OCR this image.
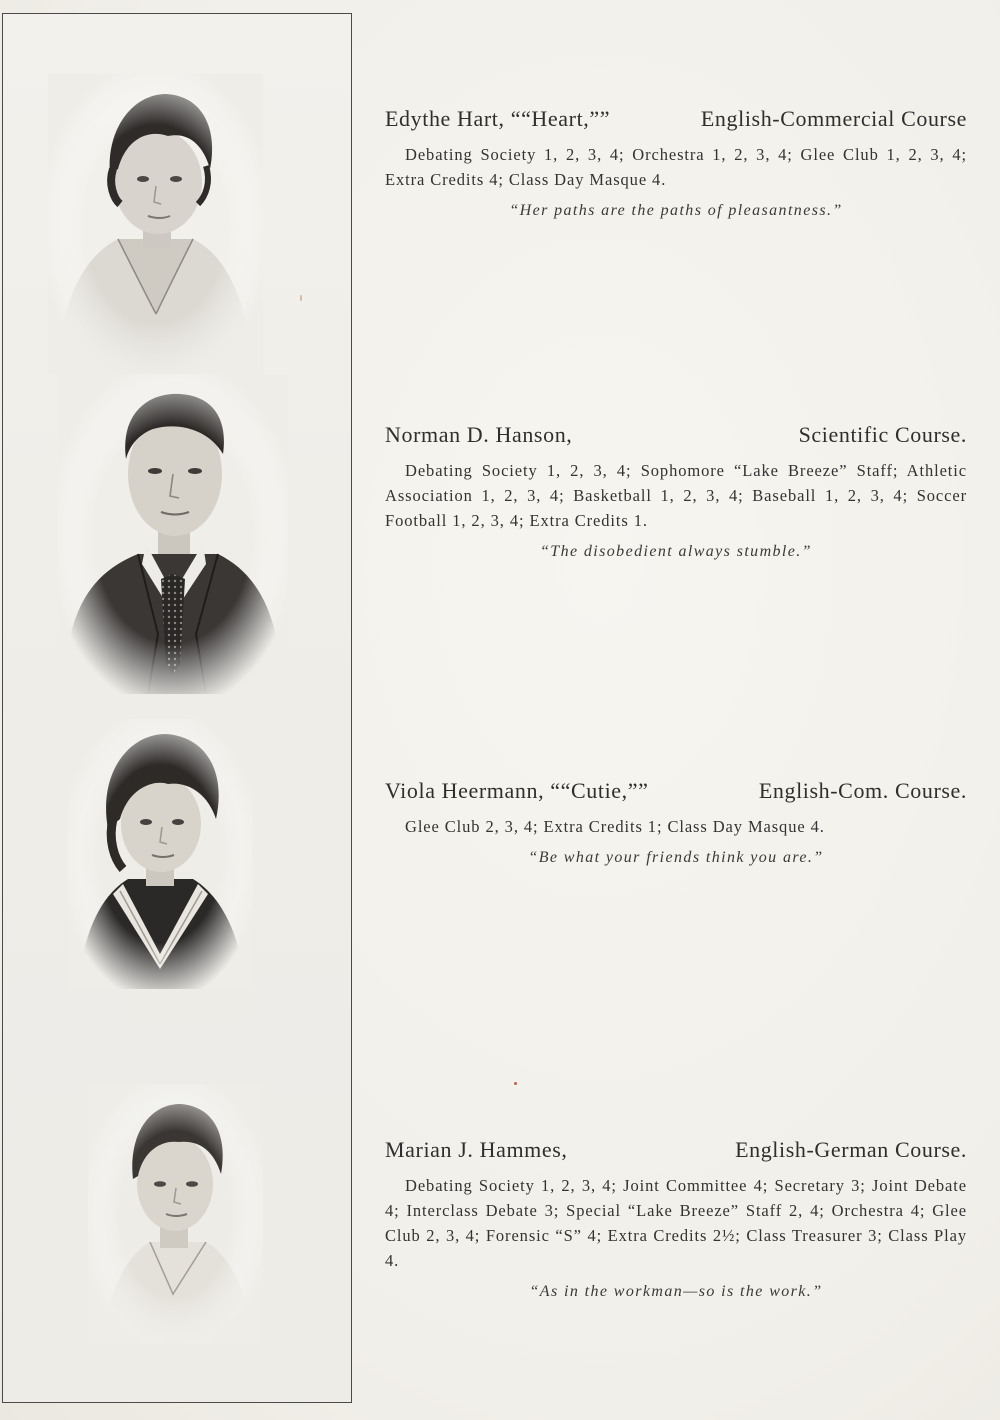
Edythe Hart, ““Heart,””	English-Commercial Course
Debating Society 1, 2, 3, 4; Orchestra 1, 2, 3, 4; Glee Club 1, 2, 3, 4; Extra Credits 4; Class Day Masque 4.
“Her paths are the paths of pleasantness.”
Norman D. Hanson,	Scientific Course.
Debating Society 1, 2, 3, 4; Sophomore “Lake Breeze” Staff; Athletic Association 1, 2, 3, 4; Basketball 1, 2, 3, 4; Baseball 1, 2, 3, 4; Soccer Football 1, 2, 3, 4; Extra Credits 1.
“The disobedient always stumble.”
Viola Heermann, ““Cutie,””	English-Com. Course.
Glee Club 2, 3, 4; Extra Credits 1; Class Day Masque 4.
“Be what your friends think you are.”
Marian J. Hammes,	English-German Course.
Debating Society 1, 2, 3, 4; Joint Committee 4; Secretary 3; Joint Debate 4; Interclass Debate 3; Special “Lake Breeze” Staff 2, 4; Orchestra 4; Glee Club 2, 3, 4; Forensic “S” 4; Extra Credits 2½; Class Treasurer 3; Class Play 4.
“As in the workman—so is the work.”
